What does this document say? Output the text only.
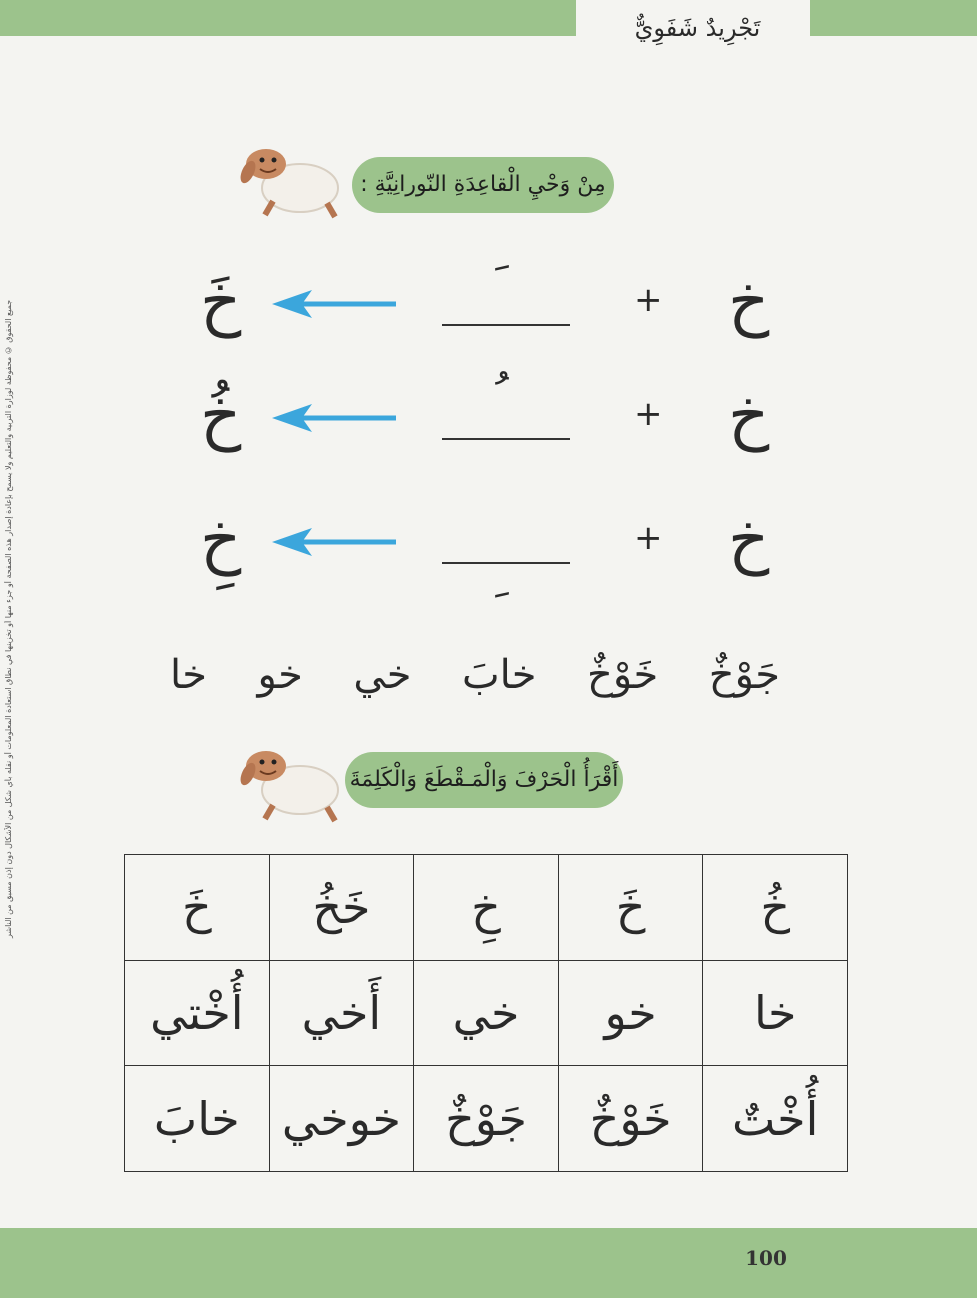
تَجْرِيدٌ شَفَوِيٌّ
جميع الحقوق © محفوظة لوزارة التربية والتعليم ولا يسمح بإعادة إصدار هذه الصفحة أو جزء منها أو تخزينها في نطاق استعادة المعلومات أو نقله بأي شكل من الأشكال دون إذن مسبق من الناشر
مِنْ وَحْيِ الْقاعِدَةِ النّورانِيَّةِ :
خ
+
خَ
خ
+
خُ
خ
+
خِ
خا خو خي خابَ خَوْخٌ جَوْخٌ
أَقْرَأُ الْحَرْفَ وَالْمَـقْطَعَ وَالْكَلِمَةَ
خُ	خَ	خِ	خَخُ	خَ
خا	خو	خي	أَخي	أُخْتي
أُخْتٌ	خَوْخٌ	جَوْخٌ	خوخي	خابَ
100
